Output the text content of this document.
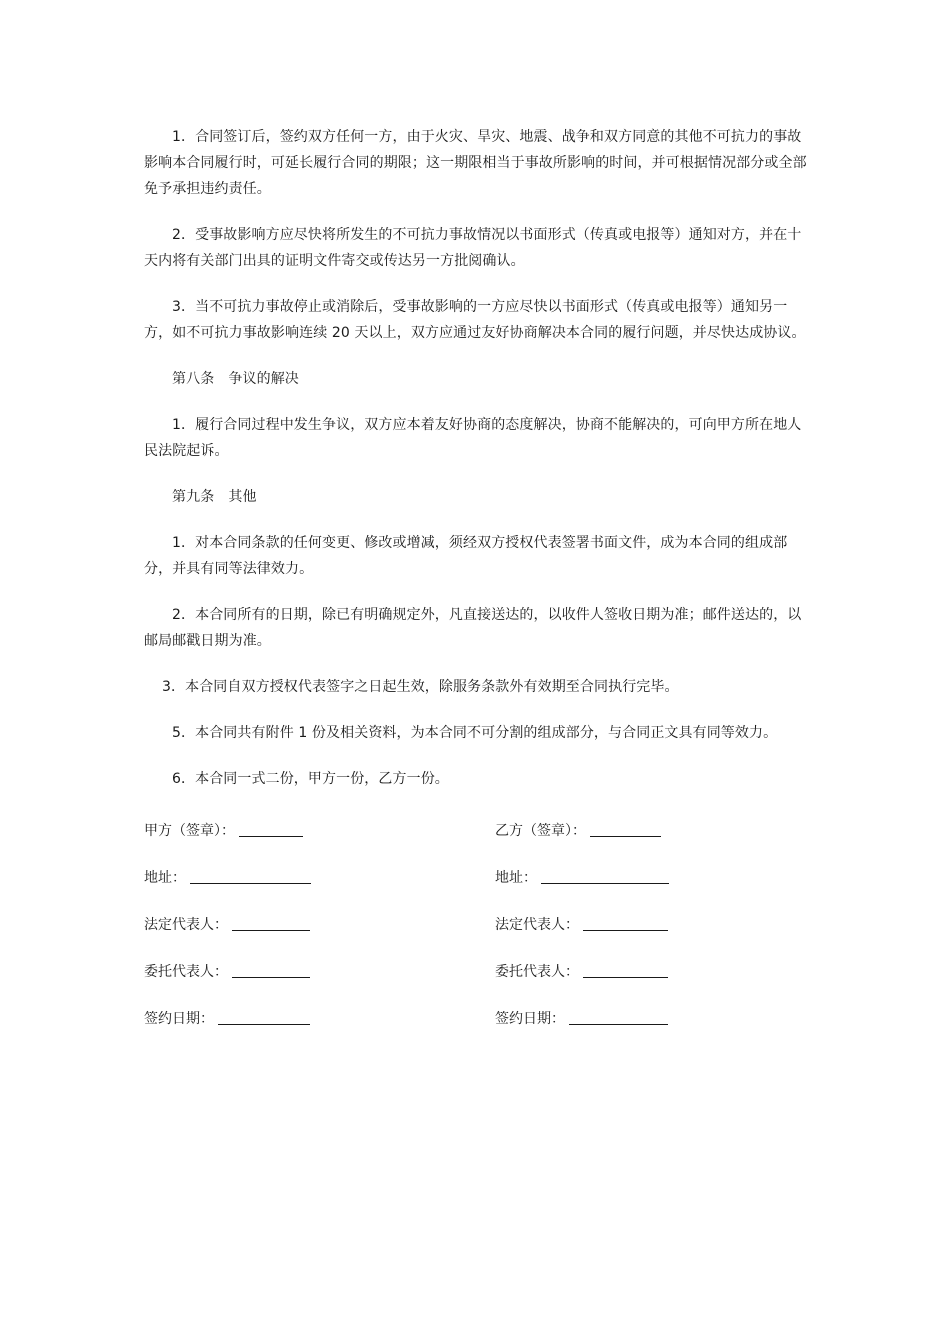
1．合同签订后，签约双方任何一方，由于火灾、旱灾、地震、战争和双方同意的其他不可抗力的事故影响本合同履行时，可延长履行合同的期限；这一期限相当于事故所影响的时间，并可根据情况部分或全部免予承担违约责任。

2．受事故影响方应尽快将所发生的不可抗力事故情况以书面形式（传真或电报等）通知对方，并在十天内将有关部门出具的证明文件寄交或传达另一方批阅确认。

3．当不可抗力事故停止或消除后，受事故影响的一方应尽快以书面形式（传真或电报等）通知另一方，如不可抗力事故影响连续 20 天以上，双方应通过友好协商解决本合同的履行问题，并尽快达成协议。

第八条　争议的解决

1．履行合同过程中发生争议，双方应本着友好协商的态度解决，协商不能解决的，可向甲方所在地人民法院起诉。

第九条　其他

1．对本合同条款的任何变更、修改或增减，须经双方授权代表签署书面文件，成为本合同的组成部分，并具有同等法律效力。

2．本合同所有的日期，除已有明确规定外，凡直接送达的，以收件人签收日期为准；邮件送达的，以邮局邮戳日期为准。

3．本合同自双方授权代表签字之日起生效，除服务条款外有效期至合同执行完毕。

5．本合同共有附件 1 份及相关资料，为本合同不可分割的组成部分，与合同正文具有同等效力。

6．本合同一式二份，甲方一份，乙方一份。

甲方（签章）：	乙方（签章）：
地址：	地址：
法定代表人：	法定代表人：
委托代表人：	委托代表人：
签约日期：	签约日期：
